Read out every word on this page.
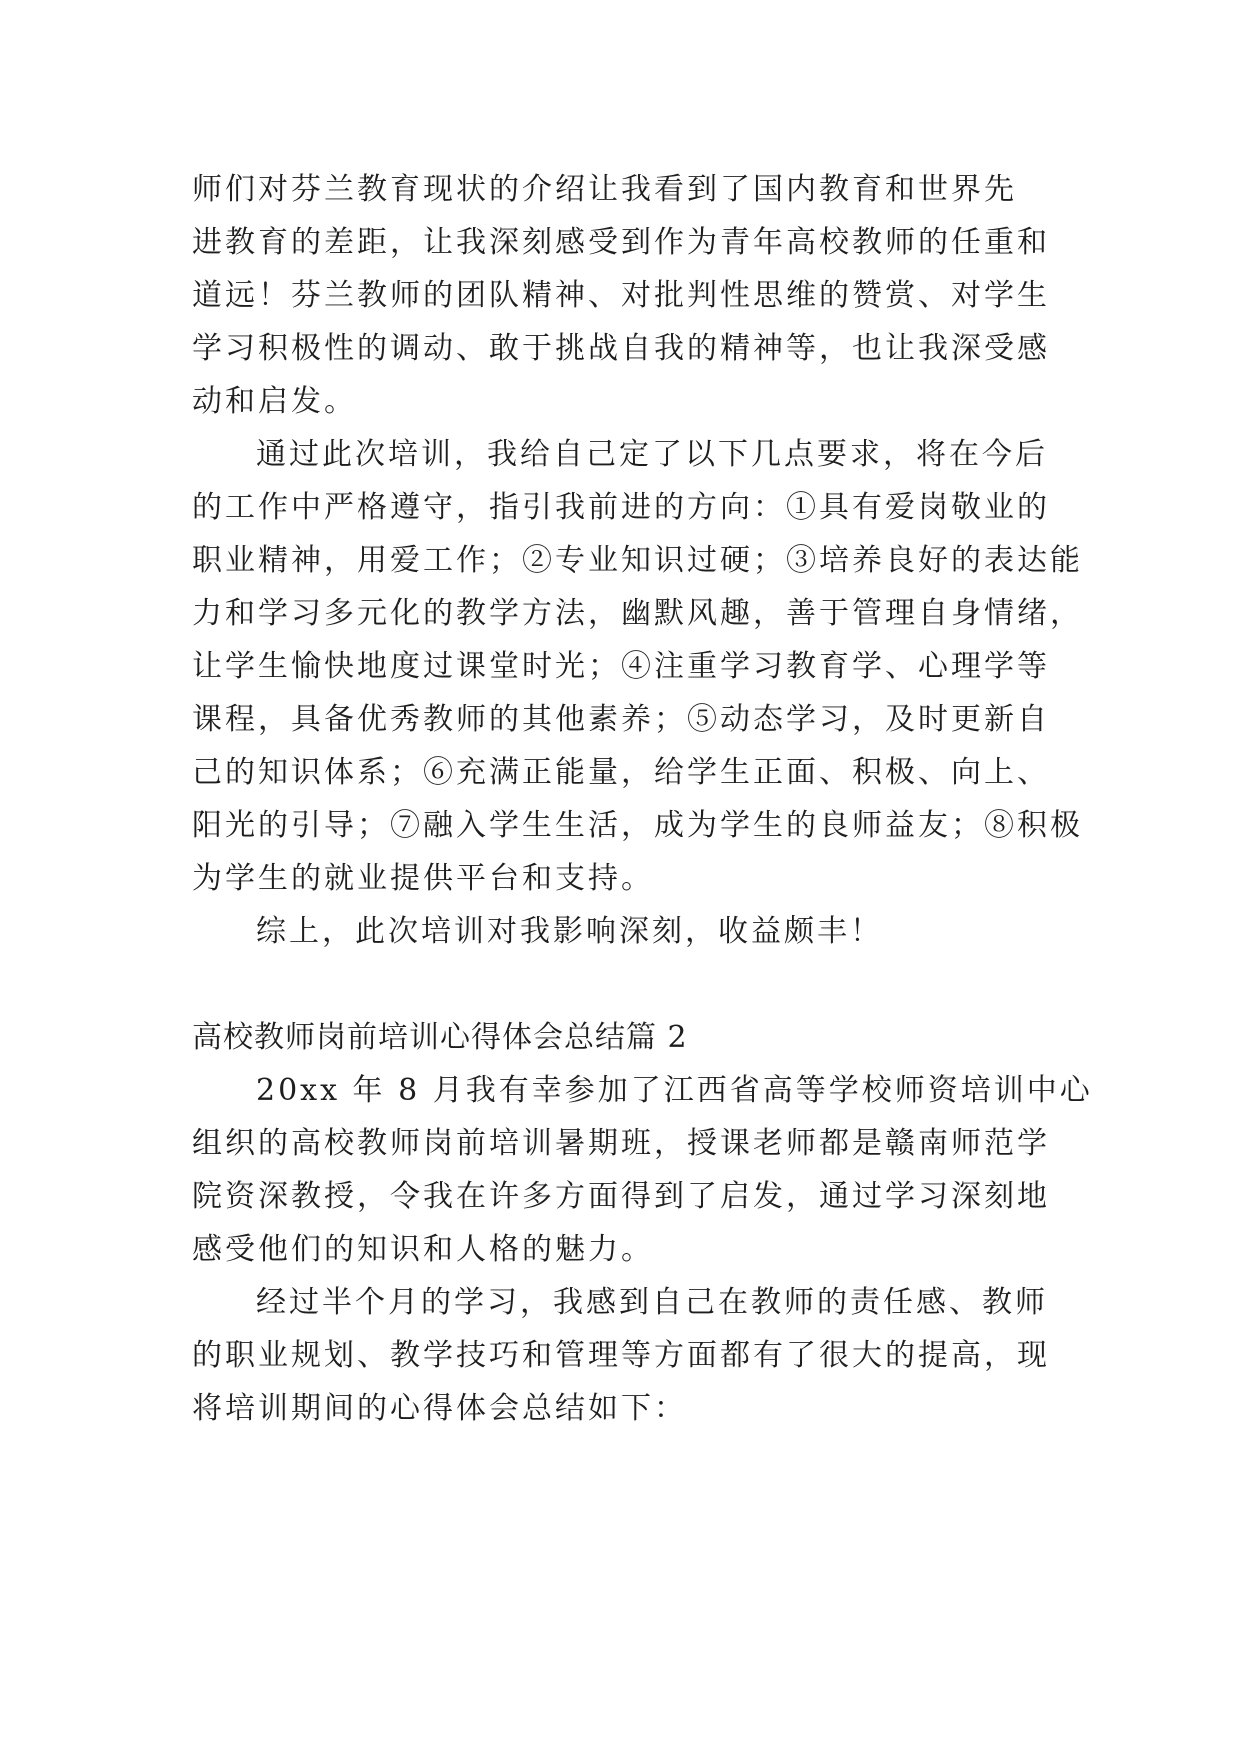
师们对芬兰教育现状的介绍让我看到了国内教育和世界先
进教育的差距，让我深刻感受到作为青年高校教师的任重和
道远！芬兰教师的团队精神、对批判性思维的赞赏、对学生
学习积极性的调动、敢于挑战自我的精神等，也让我深受感
动和启发。
通过此次培训，我给自己定了以下几点要求，将在今后
的工作中严格遵守，指引我前进的方向：①具有爱岗敬业的
职业精神，用爱工作；②专业知识过硬；③培养良好的表达能
力和学习多元化的教学方法，幽默风趣，善于管理自身情绪，
让学生愉快地度过课堂时光；④注重学习教育学、心理学等
课程，具备优秀教师的其他素养；⑤动态学习，及时更新自
己的知识体系；⑥充满正能量，给学生正面、积极、向上、
阳光的引导；⑦融入学生生活，成为学生的良师益友；⑧积极
为学生的就业提供平台和支持。
综上，此次培训对我影响深刻，收益颇丰！
高校教师岗前培训心得体会总结篇 2
20xx 年 8 月我有幸参加了江西省高等学校师资培训中心
组织的高校教师岗前培训暑期班，授课老师都是赣南师范学
院资深教授，令我在许多方面得到了启发，通过学习深刻地
感受他们的知识和人格的魅力。
经过半个月的学习，我感到自己在教师的责任感、教师
的职业规划、教学技巧和管理等方面都有了很大的提高，现
将培训期间的心得体会总结如下：
